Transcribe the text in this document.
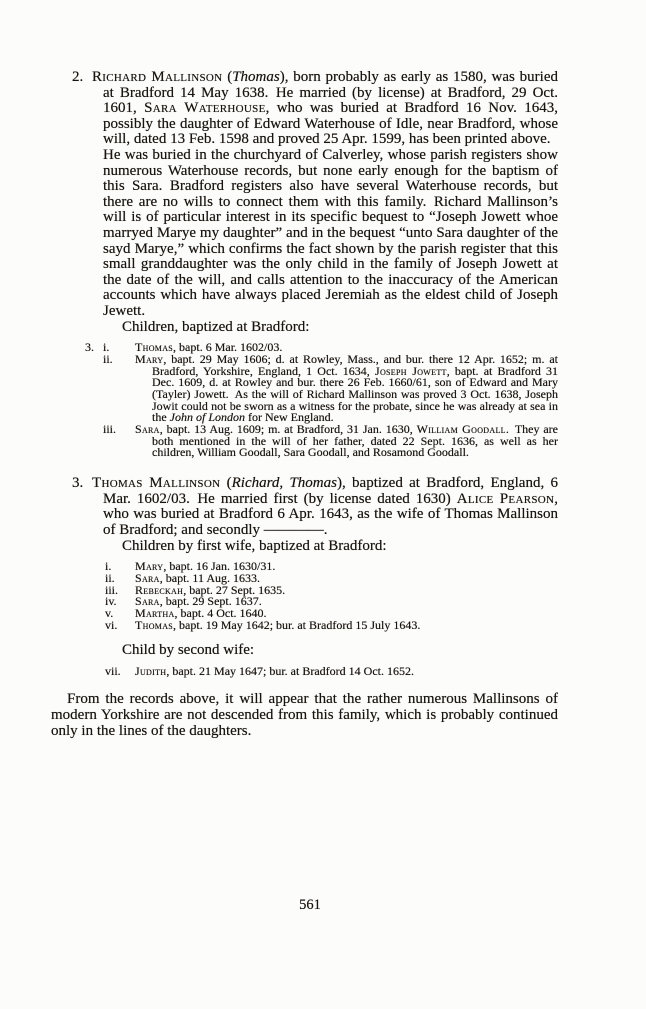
2. Richard Mallinson (Thomas), born probably as early as 1580, was buried at Bradford 14 May 1638. He married (by license) at Bradford, 29 Oct. 1601, Sara Waterhouse, who was buried at Bradford 16 Nov. 1643, possibly the daughter of Edward Waterhouse of Idle, near Bradford, whose will, dated 13 Feb. 1598 and proved 25 Apr. 1599, has been printed above. He was buried in the churchyard of Calverley, whose parish registers show numerous Waterhouse records, but none early enough for the baptism of this Sara. Bradford registers also have several Waterhouse records, but there are no wills to connect them with this family. Richard Mallinson’s will is of particular interest in its specific bequest to “Joseph Jowett whoe marryed Marye my daughter” and in the bequest “unto Sara daughter of the sayd Marye,” which confirms the fact shown by the parish register that this small granddaughter was the only child in the family of Joseph Jowett at the date of the will, and calls attention to the inaccuracy of the American accounts which have always placed Jeremiah as the eldest child of Joseph Jewett.

Children, baptized at Bradford:

3. i. Thomas, bapt. 6 Mar. 1602/03.
ii. Mary, bapt. 29 May 1606; d. at Rowley, Mass., and bur. there 12 Apr. 1652; m. at Bradford, Yorkshire, England, 1 Oct. 1634, Joseph Jowett, bapt. at Bradford 31 Dec. 1609, d. at Rowley and bur. there 26 Feb. 1660/61, son of Edward and Mary (Tayler) Jowett. As the will of Richard Mallinson was proved 3 Oct. 1638, Joseph Jowit could not be sworn as a witness for the probate, since he was already at sea in the John of London for New England.
iii. Sara, bapt. 13 Aug. 1609; m. at Bradford, 31 Jan. 1630, William Goodall. They are both mentioned in the will of her father, dated 22 Sept. 1636, as well as her children, William Goodall, Sara Goodall, and Rosamond Goodall.

3. Thomas Mallinson (Richard, Thomas), baptized at Bradford, England, 6 Mar. 1602/03. He married first (by license dated 1630) Alice Pearson, who was buried at Bradford 6 Apr. 1643, as the wife of Thomas Mallinson of Bradford; and secondly ————.

Children by first wife, baptized at Bradford:

i. Mary, bapt. 16 Jan. 1630/31.
ii. Sara, bapt. 11 Aug. 1633.
iii. Rebeckah, bapt. 27 Sept. 1635.
iv. Sara, bapt. 29 Sept. 1637.
v. Martha, bapt. 4 Oct. 1640.
vi. Thomas, bapt. 19 May 1642; bur. at Bradford 15 July 1643.

Child by second wife:

vii. Judith, bapt. 21 May 1647; bur. at Bradford 14 Oct. 1652.

From the records above, it will appear that the rather numerous Mallinsons of modern Yorkshire are not descended from this family, which is probably continued only in the lines of the daughters.

561
